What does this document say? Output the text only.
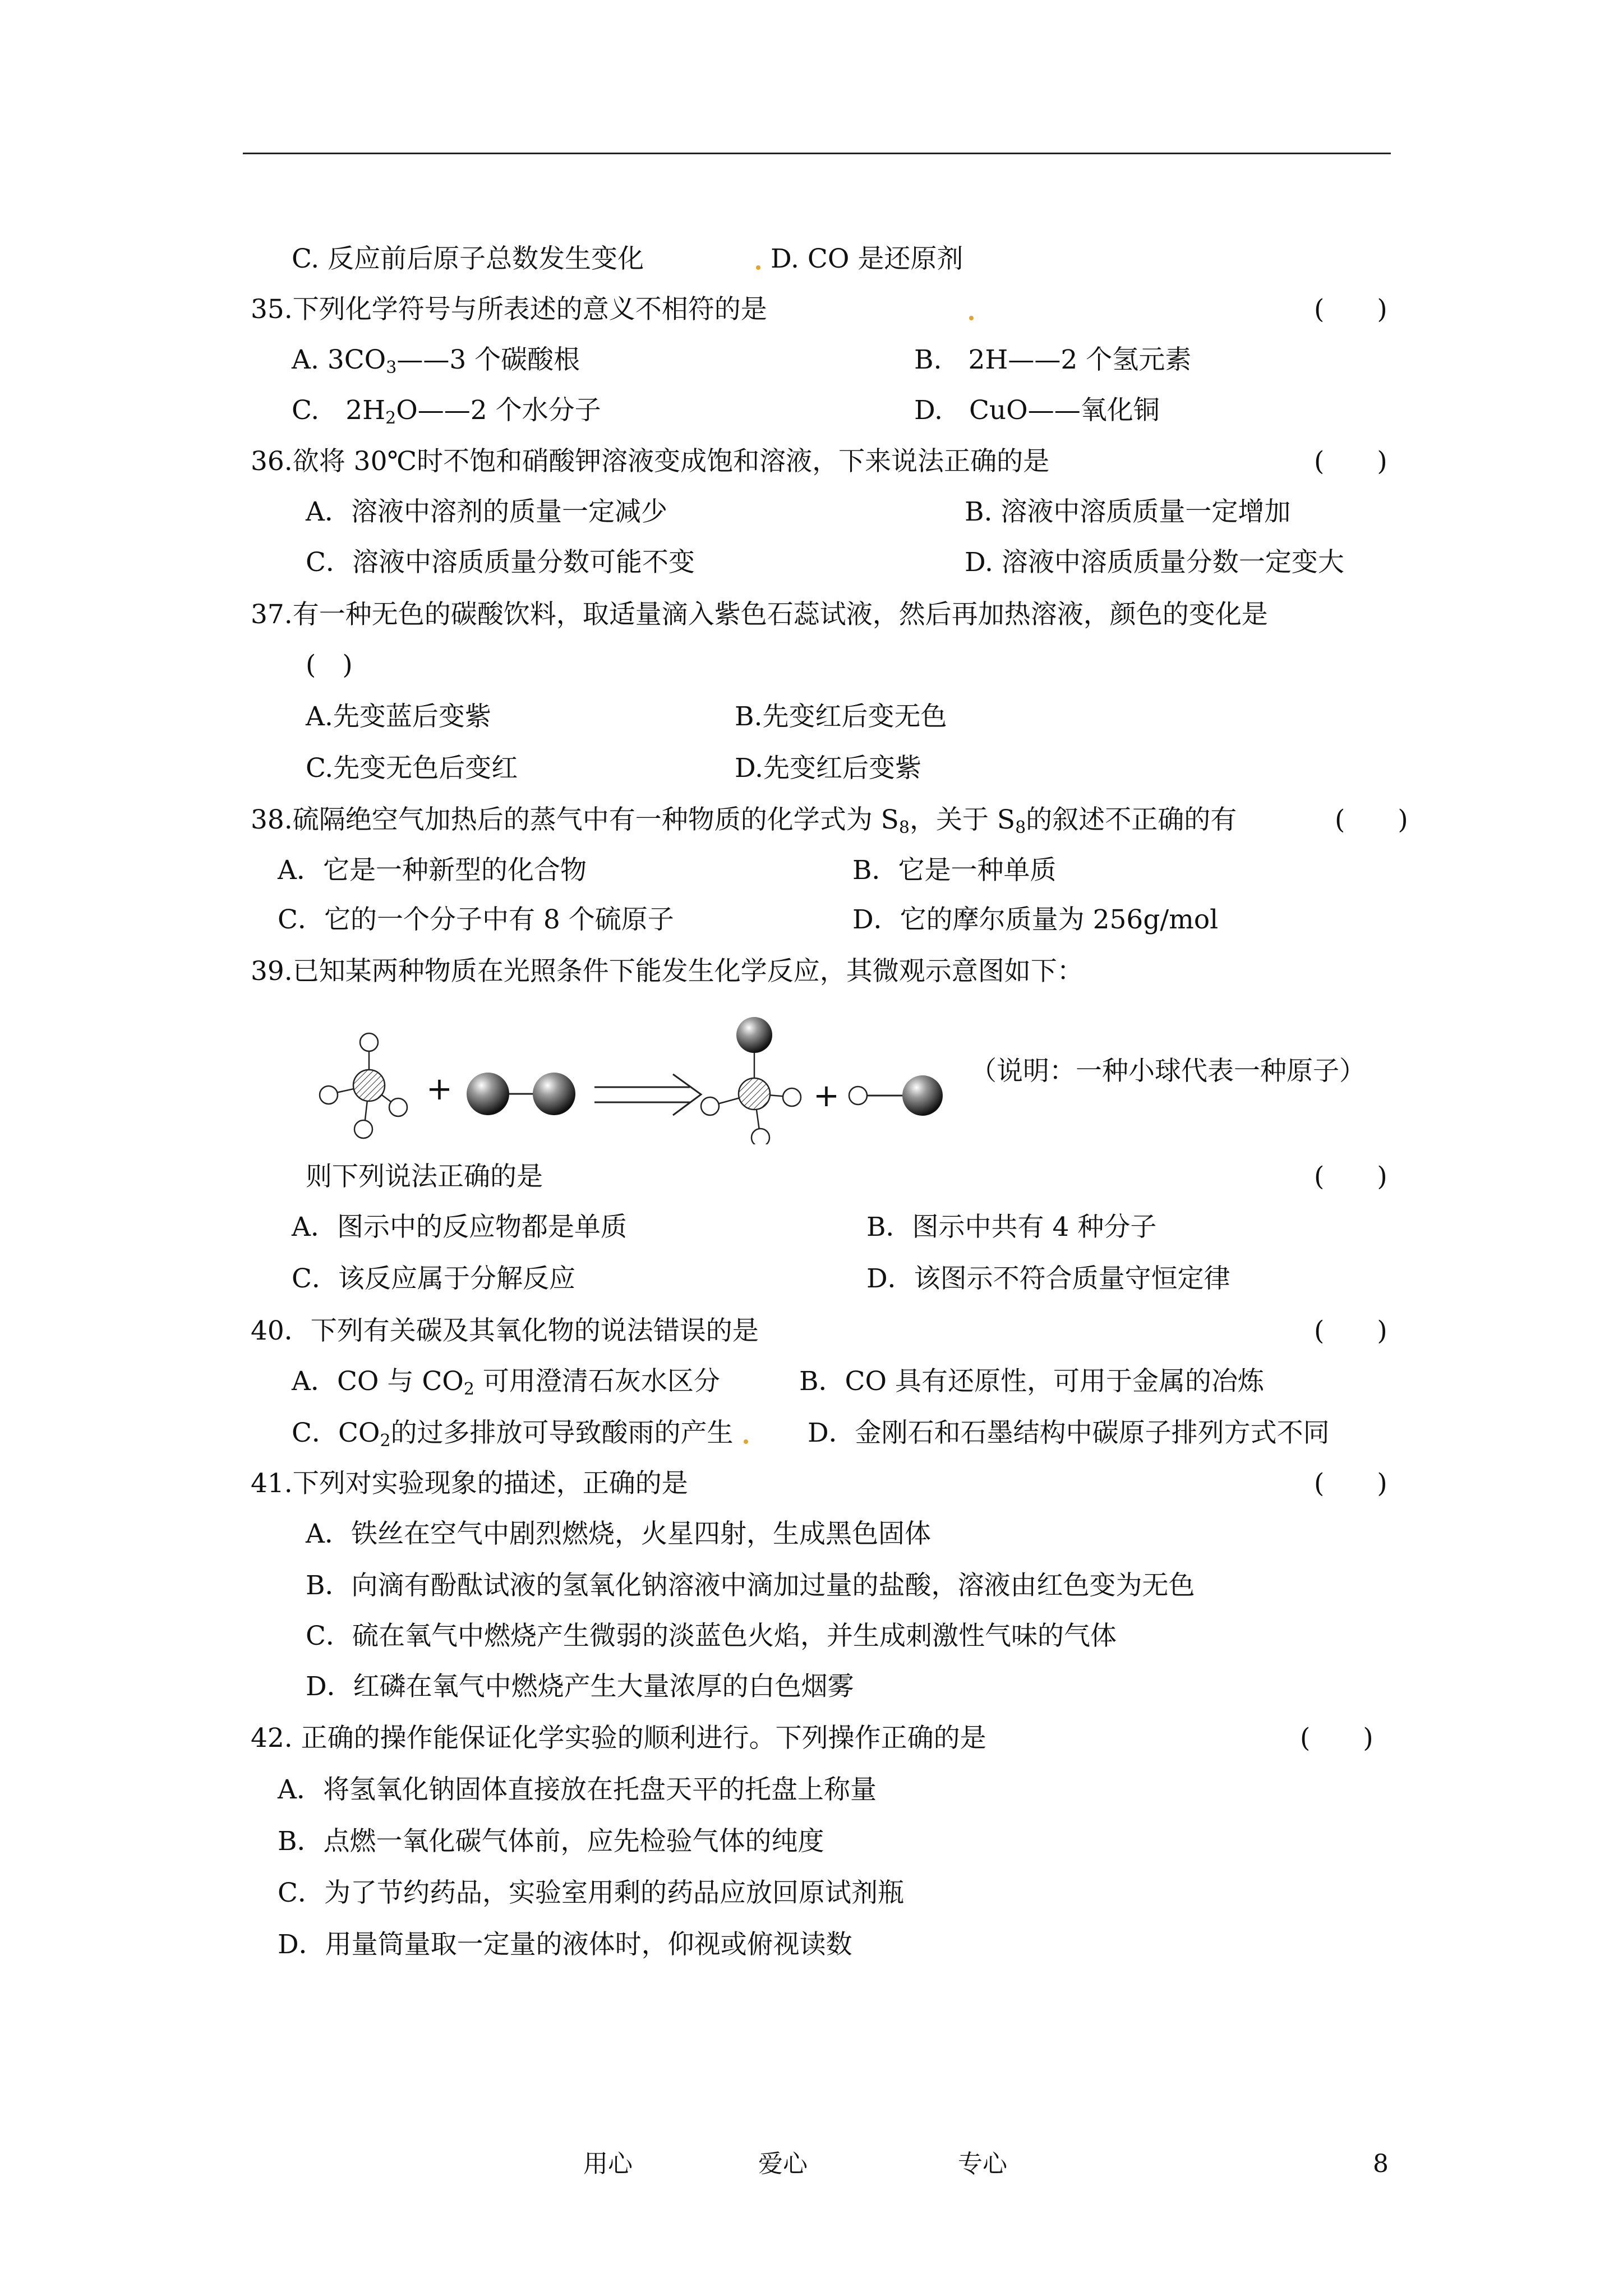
C. 反应前后原子总数发生变化	D. CO 是还原剂
35.下列化学符号与所表述的意义不相符的是	(　　)
A. $3CO_3——3$ 个碳酸根	B.　2H——2 个氢元素
C.　$2H_2O——2$ 个水分子	D.　CuO——氧化铜
36.欲将 30℃时不饱和硝酸钾溶液变成饱和溶液，下来说法正确的是	(　　)
A．溶液中溶剂的质量一定减少	B. 溶液中溶质质量一定增加
C．溶液中溶质质量分数可能不变	D. 溶液中溶质质量分数一定变大
37.有一种无色的碳酸饮料，取适量滴入紫色石蕊试液，然后再加热溶液，颜色的变化是
(　)
A.先变蓝后变紫	B.先变红后变无色
C.先变无色后变红	D.先变红后变紫
38.硫隔绝空气加热后的蒸气中有一种物质的化学式为 $S_8$，关于 $S_8$的叙述不正确的有	(　　)
A．它是一种新型的化合物	B．它是一种单质
C．它的一个分子中有 8 个硫原子	D．它的摩尔质量为 256g/mol
39.已知某两种物质在光照条件下能发生化学反应，其微观示意图如下：
+	+
（说明：一种小球代表一种原子）
则下列说法正确的是	(　　)
A．图示中的反应物都是单质	B．图示中共有 4 种分子
C．该反应属于分解反应	D．该图示不符合质量守恒定律
40．下列有关碳及其氧化物的说法错误的是	(　　)
A．CO 与 $CO_2$ 可用澄清石灰水区分	B．CO 具有还原性，可用于金属的冶炼
C．$CO_2$的过多排放可导致酸雨的产生	D．金刚石和石墨结构中碳原子排列方式不同
41.下列对实验现象的描述，正确的是	(　　)
A．铁丝在空气中剧烈燃烧，火星四射，生成黑色固体
B．向滴有酚酞试液的氢氧化钠溶液中滴加过量的盐酸，溶液由红色变为无色
C．硫在氧气中燃烧产生微弱的淡蓝色火焰，并生成刺激性气味的气体
D．红磷在氧气中燃烧产生大量浓厚的白色烟雾
42. 正确的操作能保证化学实验的顺利进行。下列操作正确的是	(　　)
A．将氢氧化钠固体直接放在托盘天平的托盘上称量
B．点燃一氧化碳气体前，应先检验气体的纯度
C．为了节约药品，实验室用剩的药品应放回原试剂瓶
D．用量筒量取一定量的液体时，仰视或俯视读数
用心	爱心	专心	8
